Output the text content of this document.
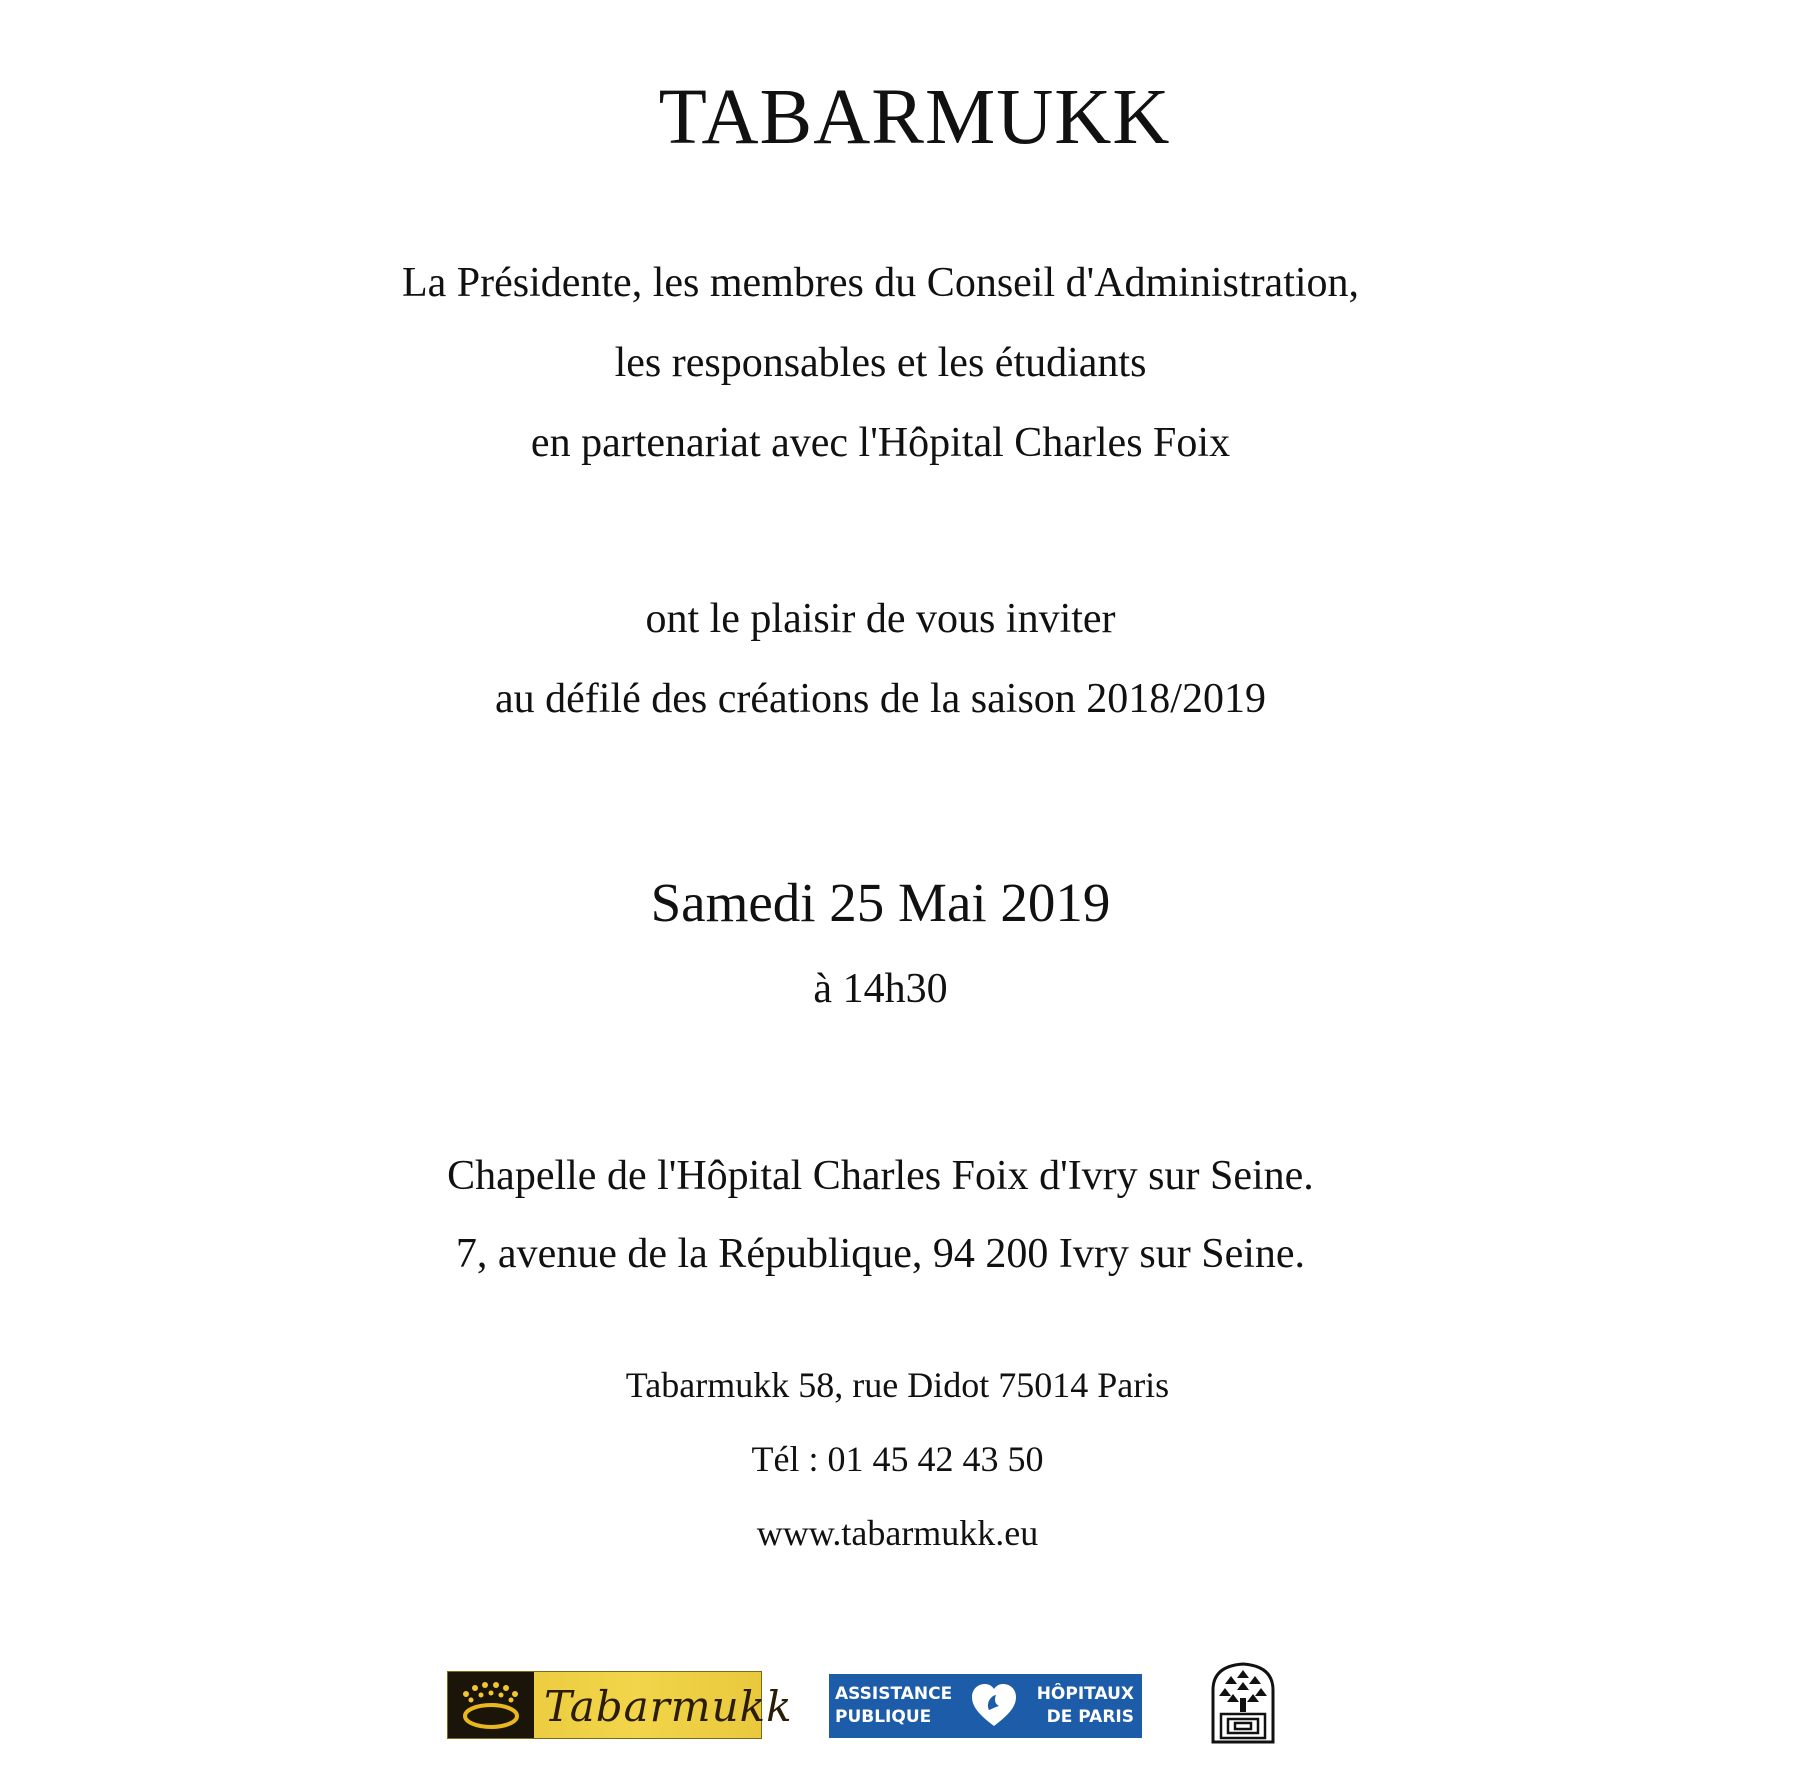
TABARMUKK
La Présidente, les membres du Conseil d'Administration,
les responsables et les étudiants
en partenariat avec l'Hôpital Charles Foix
ont le plaisir de vous inviter
au défilé des créations de la saison 2018/2019
Samedi 25 Mai 2019
à 14h30
Chapelle de l'Hôpital Charles Foix d'Ivry sur Seine.
7, avenue de la République, 94 200 Ivry sur Seine.
Tabarmukk 58, rue Didot 75014 Paris
Tél : 01 45 42 43 50
www.tabarmukk.eu
Tabarmukk ASSISTANCE
PUBLIQUE
HÔPITAUX
DE PARIS
